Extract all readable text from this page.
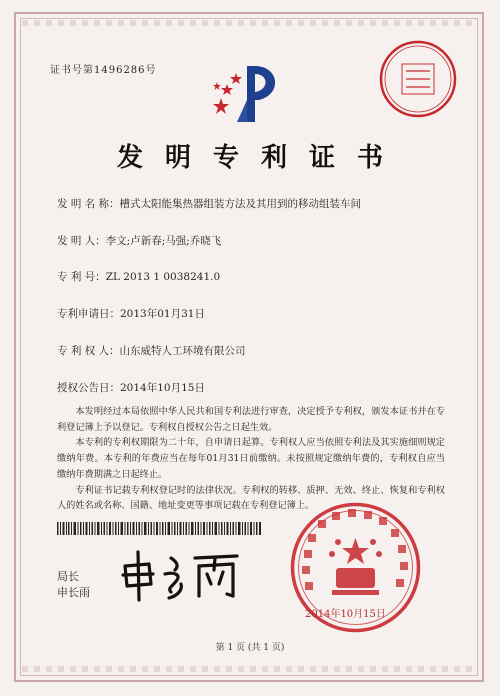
证书号第1496286号
发明专利证书
发 明 名 称：槽式太阳能集热器组装方法及其用到的移动组装车间
发 明 人：李文;卢新春;马强;乔晓飞
专 利 号：ZL 2013 1 0038241.0
专利申请日：2013年01月31日
专 利 权 人：山东威特人工环境有限公司
授权公告日：2014年10月15日

本发明经过本局依照中华人民共和国专利法进行审查，决定授予专利权，颁发本证书并在专利登记簿上予以登记。专利权自授权公告之日起生效。

本专利的专利权期限为二十年，自申请日起算。专利权人应当依照专利法及其实施细则规定缴纳年费。本专利的年费应当在每年01月31日前缴纳。未按照规定缴纳年费的，专利权自应当缴纳年费期满之日起终止。

专利证书记载专利权登记时的法律状况。专利权的转移、质押、无效、终止、恢复和专利权人的姓名或名称、国籍、地址变更等事项记载在专利登记簿上。

局长
申长雨
2014年10月15日
第 1 页 (共 1 页)
